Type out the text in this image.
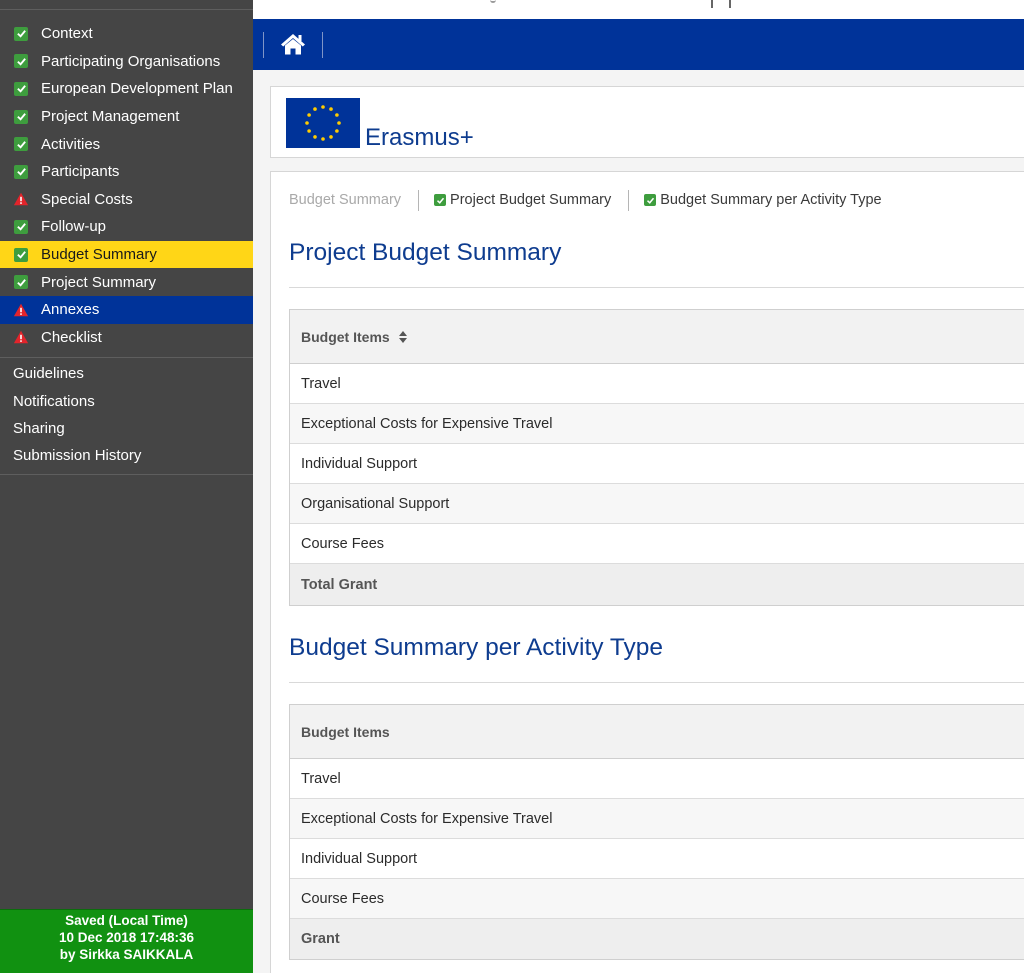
Context
Participating Organisations
European Development Plan
Project Management
Activities
Participants
Special Costs
Follow-up
Budget Summary
Project Summary
Annexes
Checklist
Guidelines
Notifications
Sharing
Submission History
Saved (Local Time)
10 Dec 2018 17:48:36
by Sirkka SAIKKALA
Erasmus+
Budget Summary	Project Budget Summary	Budget Summary per Activity Type
Project Budget Summary
Budget Items
Travel
Exceptional Costs for Expensive Travel
Individual Support
Organisational Support
Course Fees
Total Grant
Budget Summary per Activity Type
Budget Items
Travel
Exceptional Costs for Expensive Travel
Individual Support
Course Fees
Grant
